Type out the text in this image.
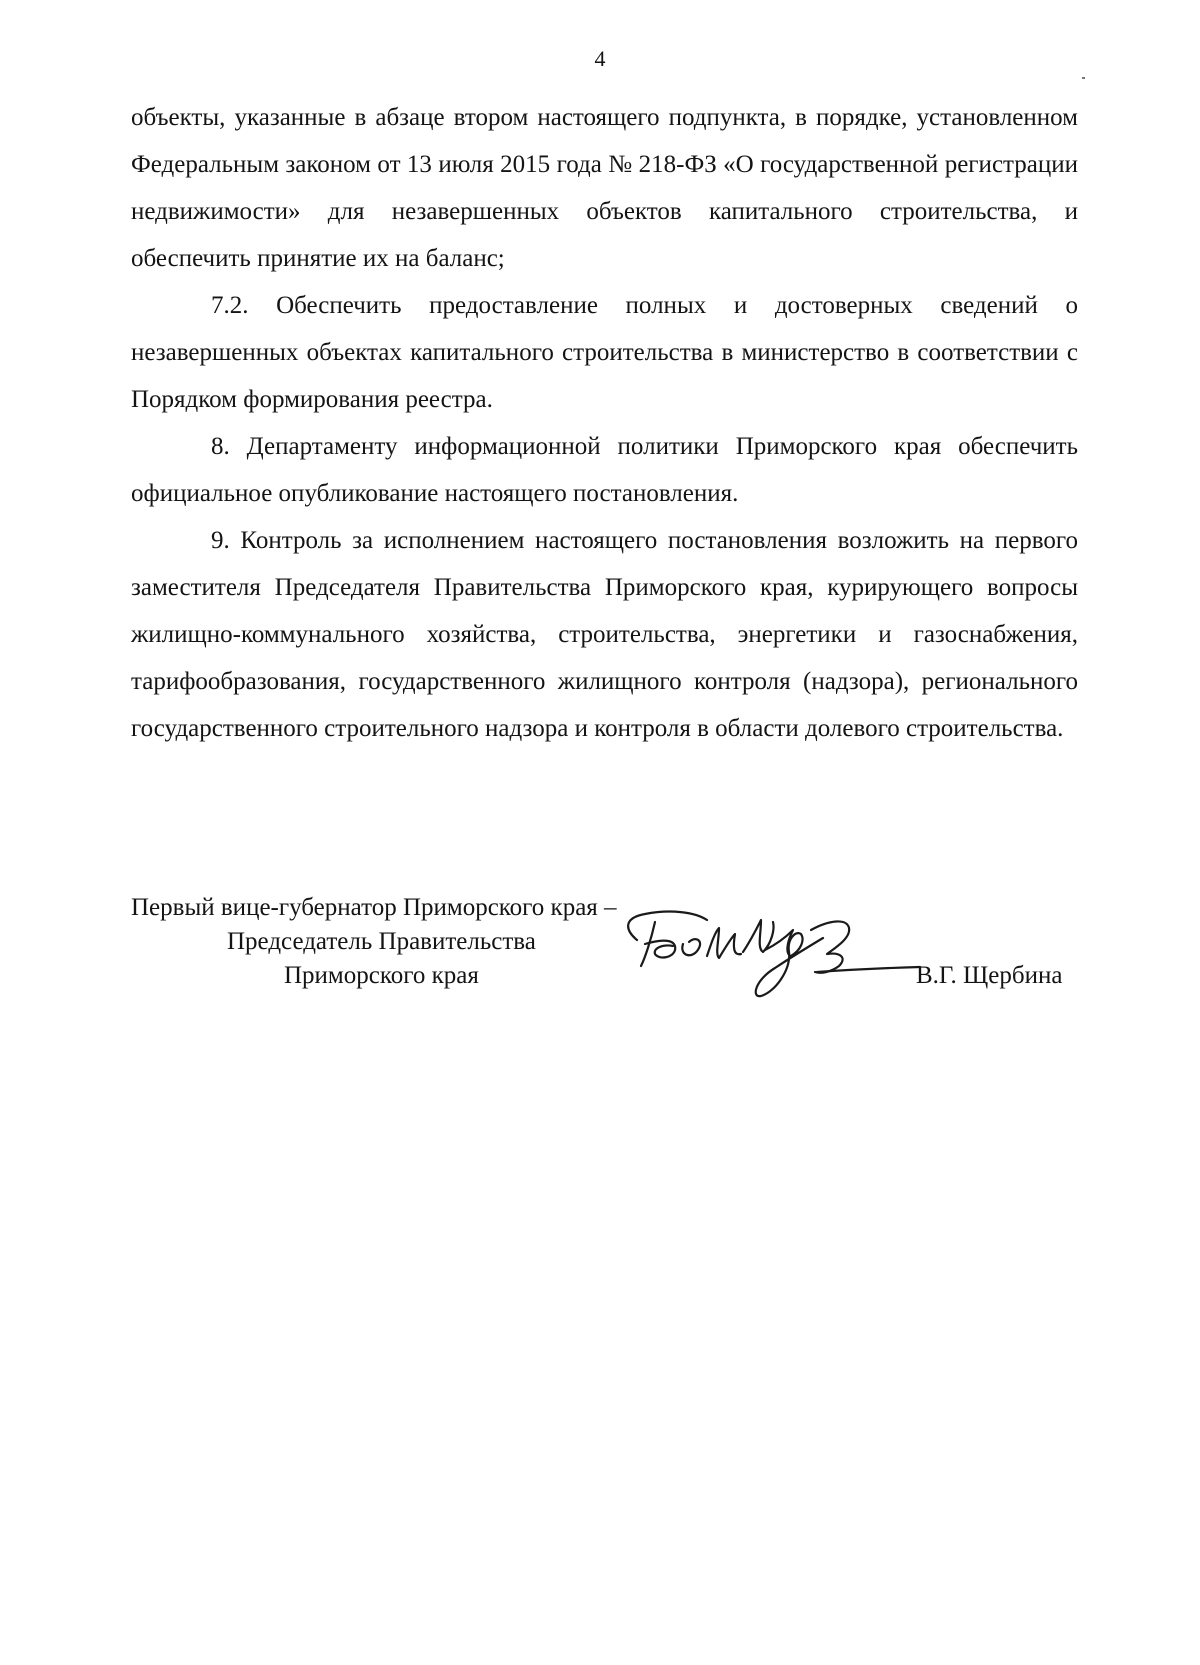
4

объекты, указанные в абзаце втором настоящего подпункта, в порядке, установленном Федеральным законом от 13 июля 2015 года № 218-ФЗ «О государственной регистрации недвижимости» для незавершенных объектов капитального строительства, и обеспечить принятие их на баланс;

7.2. Обеспечить предоставление полных и достоверных сведений о незавершенных объектах капитального строительства в министерство в соответствии с Порядком формирования реестра.

8. Департаменту информационной политики Приморского края обеспечить официальное опубликование настоящего постановления.

9. Контроль за исполнением настоящего постановления возложить на первого заместителя Председателя Правительства Приморского края, курирующего вопросы жилищно-коммунального хозяйства, строительства, энергетики и газоснабжения, тарифообразования, государственного жилищного контроля (надзора), регионального государственного строительного надзора и контроля в области долевого строительства.

Первый вице-губернатор Приморского края –
Председатель Правительства
Приморского края	В.Г. Щербина
